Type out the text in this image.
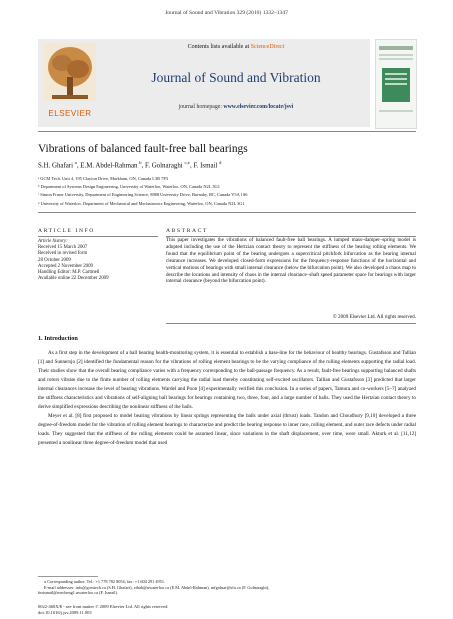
Journal of Sound and Vibration 329 (2010) 1332–1347
ELSEVIER
Contents lists available at ScienceDirect
Journal of Sound and Vibration
journal homepage: www.elsevier.com/locate/jsvi
Vibrations of balanced fault-free ball bearings
S.H. Ghafari $^a$, E.M. Abdel-Rahman $^b$, F. Golnaraghi $^{c,⁎}$, F. Ismail $^d$
ᵃ GCM Tech, Unit 4, 195 Clayton Drive, Markham, ON, Canada L3R 7P3
ᵇ Department of Systems Design Engineering, University of Waterloo, Waterloo, ON, Canada N2L 3G1
ᶜ Simon Fraser University, Department of Engineering Science, 8888 University Drive, Burnaby, BC, Canada V5A 1S6
ᵈ University of Waterloo, Department of Mechanical and Mechatronics Engineering, Waterloo, ON, Canada N2L 3G1
ARTICLE INFO	ABSTRACT
Article history:
Received 15 March 2007
Received in revised form
28 October 2009
Accepted 2 November 2009
Handling Editor: M.P. Cartmell
Available online 22 December 2009
This paper investigates the vibrations of balanced fault-free ball bearings. A lumped mass–damper–spring model is adopted including the use of the Hertzian contact theory to represent the stiffness of the bearing rolling elements. We found that the equilibrium point of the bearing undergoes a supercritical pitchfork bifurcation as the bearing internal clearance increases. We developed closed-form expressions for the frequency-response functions of the horizontal and vertical motions of bearings with small internal clearance (below the bifurcation point). We also developed a chaos map to describe the locations and intensity of chaos in the internal clearance–shaft speed parameter space for bearings with larger internal clearance (beyond the bifurcation point).
© 2009 Elsevier Ltd. All rights reserved.
1. Introduction

As a first step in the development of a ball bearing health-monitoring system, it is essential to establish a base-line for the behaviour of healthy bearings. Gustafsson and Tallian [1] and Sunnersjo [2] identified the fundamental reason for the vibrations of rolling element bearings to be the varying compliance of the rolling elements supporting the radial load. Their studies show that the overall bearing compliance varies with a frequency corresponding to the ball-passage frequency. As a result, fault-free bearings supporting balanced shafts and rotors vibrate due to the finite number of rolling elements carrying the radial load thereby constituting self-excited oscillators. Tallian and Gustafsson [3] predicted that larger internal clearances increase the level of bearing vibrations. Wardel and Poon [4] experimentally verified this conclusion. In a series of papers, Tamura and co-workers [5–7] analyzed the stiffness characteristics and vibrations of self-aligning ball bearings for bearings containing two, three, four, and a large number of balls. They used the Hertzian contact theory to derive simplified expressions describing the nonlinear stiffness of the balls.

Meyer et al. [8] first proposed to model bearing vibrations by linear springs representing the balls under axial (thrust) loads. Tandon and Choudhury [9,10] developed a three degree-of-freedom model for the vibration of rolling element bearings to characterize and predict the bearing response to inner race, rolling element, and outer race defects under radial loads. They suggested that the stiffness of the rolling elements could be assumed linear, since variations in the shaft displacement, over time, were small. Akturk et al. [11,12] presented a nonlinear three degree-of-freedom model that used

⁎ Corresponding author. Tel.: +1 778 782 8054; fax: +1 604 291 4951.
E-mail addresses: info@gcmtech.ca (S.H. Ghafari), eihab@uwaterloo.ca (E.M. Abdel-Rahman), mfgolnar@sfu.ca (F. Golnaraghi),
fmismail@mecheng1.uwaterloo.ca (F. Ismail).
0022-460X/$ - see front matter © 2009 Elsevier Ltd. All rights reserved.
doi:10.1016/j.jsv.2009.11.003
